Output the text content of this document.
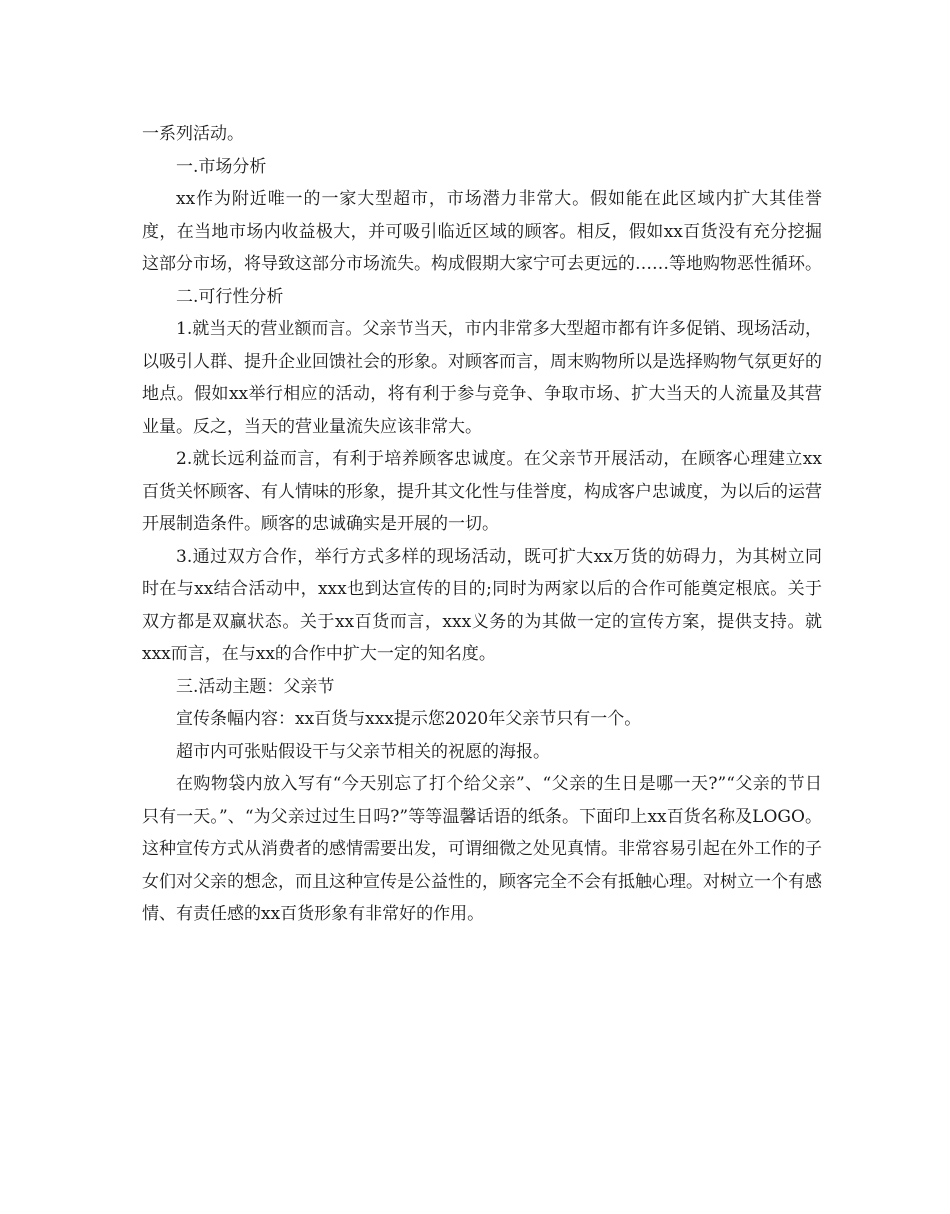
一系列活动。

一.市场分析

xx作为附近唯一的一家大型超市，市场潜力非常大。假如能在此区域内扩大其佳誉度，在当地市场内收益极大，并可吸引临近区域的顾客。相反，假如xx百货没有充分挖掘这部分市场，将导致这部分市场流失。构成假期大家宁可去更远的……等地购物恶性循环。

二.可行性分析

1.就当天的营业额而言。父亲节当天，市内非常多大型超市都有许多促销、现场活动，以吸引人群、提升企业回馈社会的形象。对顾客而言，周末购物所以是选择购物气氛更好的地点。假如xx举行相应的活动，将有利于参与竞争、争取市场、扩大当天的人流量及其营业量。反之，当天的营业量流失应该非常大。

2.就长远利益而言，有利于培养顾客忠诚度。在父亲节开展活动，在顾客心理建立xx百货关怀顾客、有人情味的形象，提升其文化性与佳誉度，构成客户忠诚度，为以后的运营开展制造条件。顾客的忠诚确实是开展的一切。

3.通过双方合作，举行方式多样的现场活动，既可扩大xx万货的妨碍力，为其树立同时在与xx结合活动中，xxx也到达宣传的目的;同时为两家以后的合作可能奠定根底。关于双方都是双赢状态。关于xx百货而言，xxx义务的为其做一定的宣传方案，提供支持。就xxx而言，在与xx的合作中扩大一定的知名度。

三.活动主题：父亲节

宣传条幅内容：xx百货与xxx提示您2020年父亲节只有一个。

超市内可张贴假设干与父亲节相关的祝愿的海报。

在购物袋内放入写有“今天别忘了打个给父亲”、“父亲的生日是哪一天?”“父亲的节日只有一天。”、“为父亲过过生日吗?”等等温馨话语的纸条。下面印上xx百货名称及LOGO。这种宣传方式从消费者的感情需要出发，可谓细微之处见真情。非常容易引起在外工作的子女们对父亲的想念，而且这种宣传是公益性的，顾客完全不会有抵触心理。对树立一个有感情、有责任感的xx百货形象有非常好的作用。
